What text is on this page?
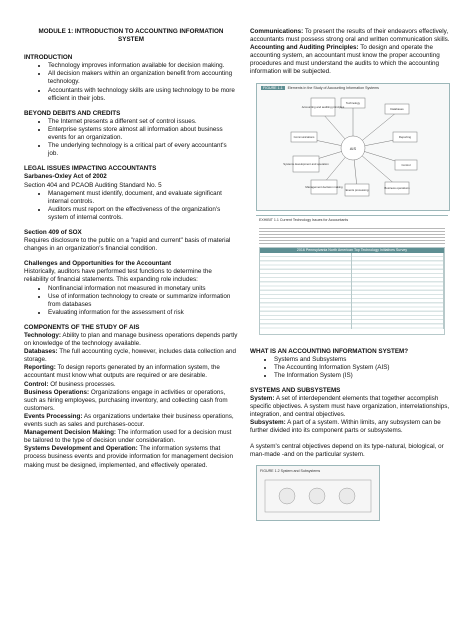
MODULE 1: INTRODUCTION TO ACCOUNTING INFORMATION
SYSTEM
INTRODUCTION
• Technology improves information available for decision making.
• All decision makers within an organization benefit from accounting technology.
• Accountants with technology skills are using technology to be more efficient in their jobs.
BEYOND DEBITS AND CREDITS
• The Internet presents a different set of control issues.
• Enterprise systems store almost all information about business events for an organization.
• The underlying technology is a critical part of every accountant's job.
LEGAL ISSUES IMPACTING ACCOUNTANTS
Sarbanes-Oxley Act of 2002

Section 404 and PCAOB Auditing Standard No. 5

• Management must identify, document, and evaluate significant internal controls.
• Auditors must report on the effectiveness of the organization's system of internal controls.
Section 409 of SOX

Requires disclosure to the public on a "rapid and current" basis of material changes in an organization's financial condition.

Challenges and Opportunities for the Accountant

Historically, auditors have performed test functions to determine the reliability of financial statements. This expanding role includes:

• Nonfinancial information not measured in monetary units
• Use of information technology to create or summarize information from databases
• Evaluating information for the assessment of risk
COMPONENTS OF THE STUDY OF AIS

Technology: Ability to plan and manage business operations depends partly on knowledge of the technology available.

Databases: The full accounting cycle, however, includes data collection and storage.

Reporting: To design reports generated by an information system, the accountant must know what outputs are required or are desirable.

Control: Of business processes.

Business Operations: Organizations engage in activities or operations, such as hiring employees, purchasing inventory, and collecting cash from customers.

Events Processing: As organizations undertake their business operations, events such as sales and purchases-occur.

Management Decision Making: The information used for a decision must be tailored to the type of decision under consideration.

Systems Development and Operation: The information systems that process business events and provide information for management decision making must be designed, implemented, and effectively operated.

Communications: To present the results of their endeavors effectively, accountants must possess strong oral and written communication skills.

Accounting and Auditing Principles: To design and operate the accounting system, an accountant must know the proper accounting procedures and must understand the audits to which the accounting information will be subjected.

FIGURE 1.1 Elements in the Study of Accounting Information Systems
AIS
Accounting and auditing principles
Technology
Databases
Communications	Reporting
Systems development and operation	Control
Management decision making
Events processing	Business operations
EXHIBIT 1.1 Current Technology Issues for Accountants
2016 Pennsylvania North American Top Technology Initiatives Survey
WHAT IS AN ACCOUNTING INFORMATION SYSTEM?
• Systems and Subsystems
• The Accounting Information System (AIS)
• The Information System (IS)
SYSTEMS AND SUBSYSTEMS

System: A set of interdependent elements that together accomplish specific objectives. A system must have organization, interrelationships, integration, and central objectives.

Subsystem: A part of a system. Within limits, any subsystem can be further divided into its component parts or subsystems.

A system's central objectives depend on its type-natural, biological, or man-made -and on the particular system.

FIGURE 1.2 System and Subsystems
